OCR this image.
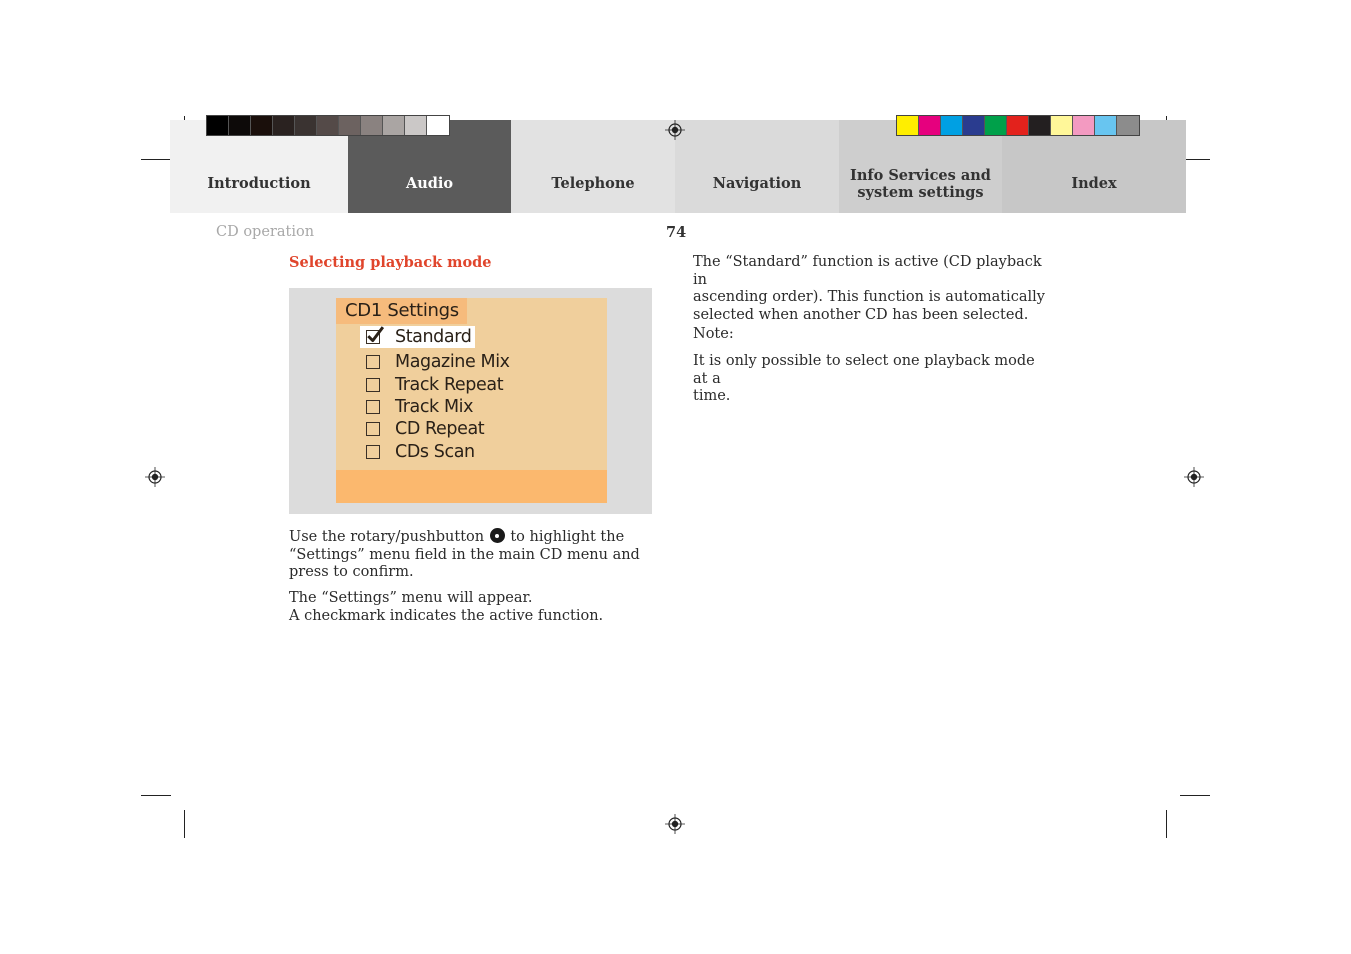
Introduction	Audio	Telephone	Navigation	Info Services and
system settings	Index
CD operation	74
Selecting playback mode
CD1 Settings
Standard
Magazine Mix
Track Repeat
Track Mix
CD Repeat
CDs Scan

Use the rotary/pushbutton to highlight the
“Settings” menu field in the main CD menu and
press to confirm.

The “Settings” menu will appear.
A checkmark indicates the active function.

The “Standard” function is active (CD playback in
ascending order). This function is automatically
selected when another CD has been selected.

Note:

It is only possible to select one playback mode at a
time.
